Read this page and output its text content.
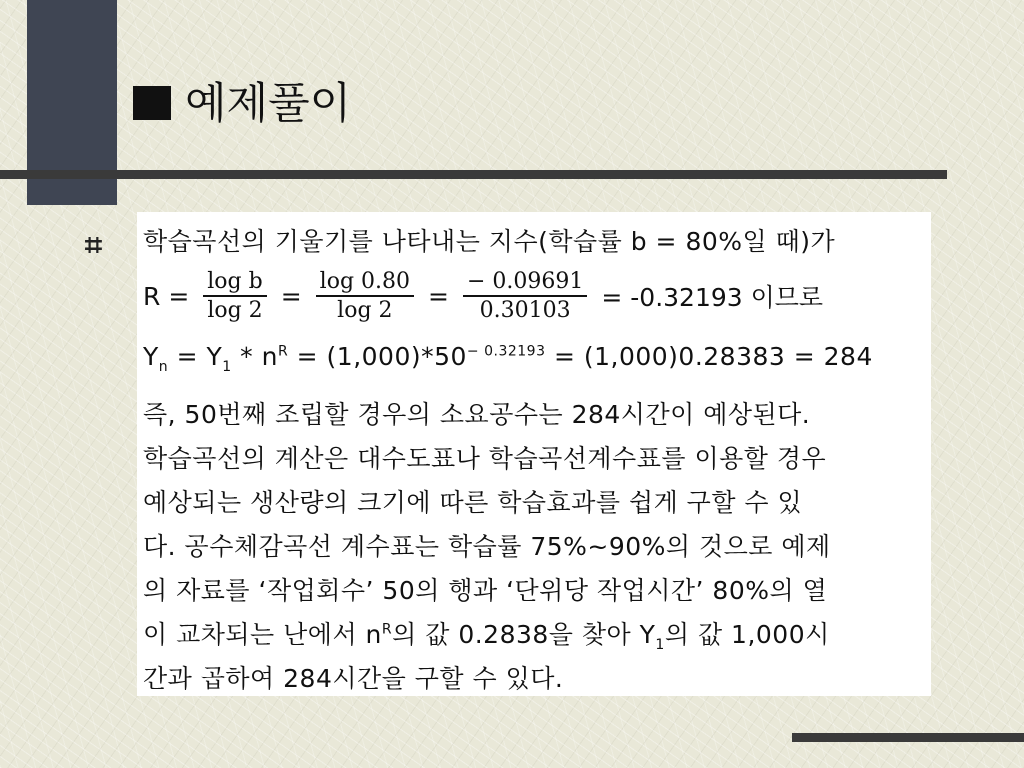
예제풀이
⌗ 학습곡선의 기울기를 나타내는 지수(학습률 b = 80%일 때)가
$R = \frac{\text{log b}}{\log 2} = \frac{\log 0.80}{\log 2} = \frac{- 0.09691}{0.30103} = -0.32193$ 이므로
$Y_n = Y_1 * n^R = (1,000)*50^{- 0.32193} = (1,000)0.28383 = 284$
즉, 50번째 조립할 경우의 소요공수는 284시간이 예상된다.
학습곡선의 계산은 대수도표나 학습곡선계수표를 이용할 경우
예상되는 생산량의 크기에 따른 학습효과를 쉽게 구할 수 있
다. 공수체감곡선 계수표는 학습률 75%~90%의 것으로 예제
의 자료를 ‘작업회수’ 50의 행과 ‘단위당 작업시간’ 80%의 열
이 교차되는 난에서 $n^R$의 값 0.2838을 찾아 $Y_1$의 값 1,000시
간과 곱하여 284시간을 구할 수 있다.
